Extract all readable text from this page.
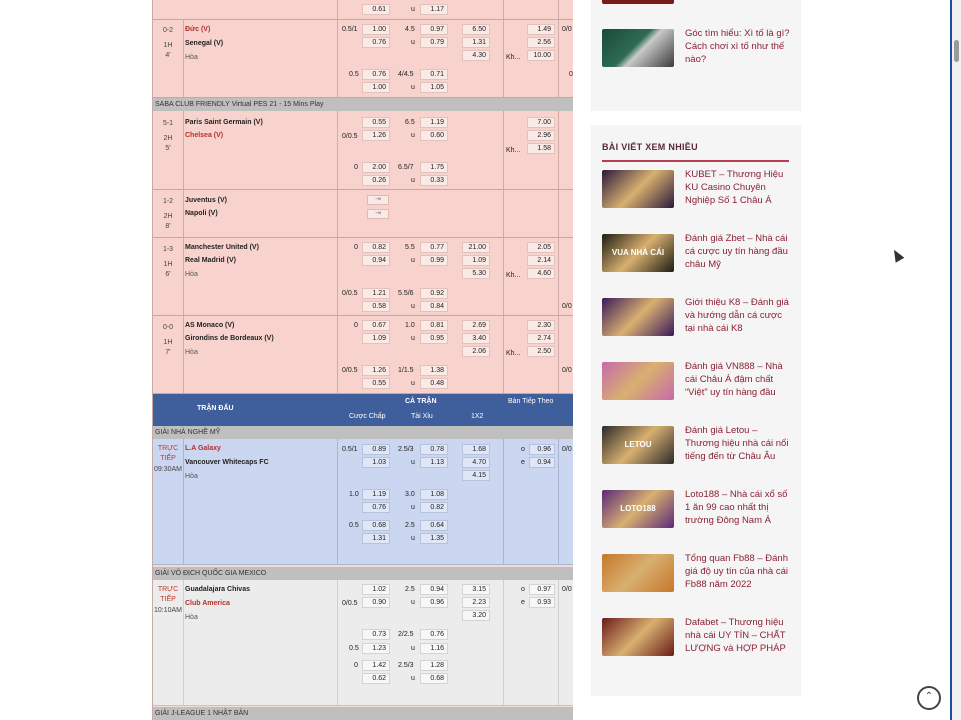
0.61	u	1.17
0-2
1H
4'
Đức (V)
Senegal (V)
Hòa
0.5/1	1.00
0.76
4.5
u
0.97
0.79
6.50
1.31
4.30
1.49
2.56
10.00
Kh...
0/0
0.5	0.76
1.00
4/4.5
u
0.71
1.05
0
SABA CLUB FRIENDLY Virtual PES 21 - 15 Mins Play
5-1
2H
5'
Paris Saint Germain (V)
Chelsea (V)	0/0.5
0.55
1.26
6.5
u
1.19
0.60
7.00
2.96
1.58
Kh...
0	2.00
0.26
6.5/7
u
1.75
0.33
1-2
2H
8'
Juventus (V)
Napoli (V)
⇥
⇥
1-3
1H
6'
Manchester United (V)
Real Madrid (V)
Hòa
0	0.82
0.94
5.5
u
0.77
0.99
21.00
1.09
5.30
2.05
2.14
4.60
Kh...
0/0.5	1.21
0.58
5.5/6
u
0.92
0.84	0/0
0-0
1H
7'
AS Monaco (V)
Girondins de Bordeaux (V)
Hòa
0	0.67
1.09
1.0
u
0.81
0.95
2.69
3.40
2.06
2.30
2.74
2.50
Kh...
0/0.5	1.26
0.55
1/1.5
u
1.38
0.48
0/0
TRẬN ĐẤU
CẢ TRẬN
Cược Chấp	Tài Xỉu	1X2
Bàn Tiếp Theo
GIẢI NHÀ NGHỀ MỸ
TRỰC TIẾP
09:30AM
L.A Galaxy
Vancouver Whitecaps FC
Hòa
0.5/1	0.89
1.03
2.5/3
u
0.78
1.13
1.68
4.70
4.15
o
e
0.96
0.94
0/0
1.0	1.19
0.76
3.0
u
1.08
0.82
0.5	0.68
1.31
2.5
u
0.64
1.35
GIẢI VÔ ĐỊCH QUỐC GIA MEXICO
TRỰC TIẾP
10:10AM
Guadalajara Chivas
Club America
Hòa
0/0.5
1.02
0.90
2.5
u
0.94
0.96
3.15
2.23
3.20
o
e
0.97
0.93
0/0
0.73	2/2.5	0.76
0.5	1.23	u	1.16
0	1.42
0.62
2.5/3
u
1.28
0.68
GIẢI J-LEAGUE 1 NHẬT BẢN
Góc tìm hiểu: Xì tố là gì? Cách chơi xì tố như thế nào?
BÀI VIẾT XEM NHIỀU
KUBET – Thương Hiệu KU Casino Chuyên Nghiệp Số 1 Châu Á
VUA NHÀ CÁI
Đánh giá Zbet – Nhà cái cá cược uy tín hàng đầu châu Mỹ
Giới thiệu K8 – Đánh giá và hướng dẫn cá cược tại nhà cái K8
Đánh giá VN888 – Nhà cái Châu Á đậm chất “Việt” uy tín hàng đầu
LETOU
Đánh giá Letou – Thương hiệu nhà cái nổi tiếng đến từ Châu Âu
LOTO188
Loto188 – Nhà cái xổ số 1 ăn 99 cao nhất thị trường Đông Nam Á
Tổng quan Fb88 – Đánh giá độ uy tín của nhà cái Fb88 năm 2022
Dafabet – Thương hiệu nhà cái UY TÍN – CHẤT LƯỢNG và HỢP PHÁP
⌃
